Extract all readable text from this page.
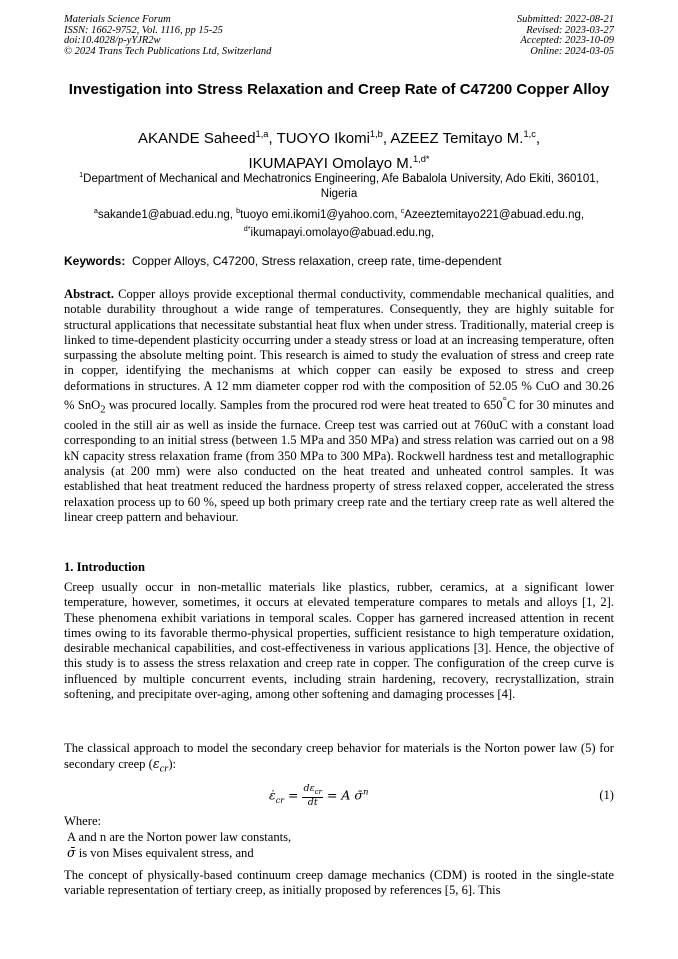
Materials Science Forum
ISSN: 1662-9752, Vol. 1116, pp 15-25
doi:10.4028/p-yYJR2w
© 2024 Trans Tech Publications Ltd, Switzerland
Submitted: 2022-08-21
Revised: 2023-03-27
Accepted: 2023-10-09
Online: 2024-03-05
Investigation into Stress Relaxation and Creep Rate of C47200 Copper Alloy
AKANDE Saheed$^{1,a}$, TUOYO Ikomi$^{1,b}$, AZEEZ Temitayo M.$^{1,c}$,
IKUMAPAYI Omolayo M.$^{1,d*}$
$^1$Department of Mechanical and Mechatronics Engineering, Afe Babalola University, Ado Ekiti, 360101, Nigeria
$^a$sakande1@abuad.edu.ng, $^b$tuoyo emi.ikomi1@yahoo.com, $^c$Azeeztemitayo221@abuad.edu.ng,
$^{d*}$ikumapayi.omolayo@abuad.edu.ng,
Keywords: Copper Alloys, C47200, Stress relaxation, creep rate, time-dependent
Abstract. Copper alloys provide exceptional thermal conductivity, commendable mechanical qualities, and notable durability throughout a wide range of temperatures. Consequently, they are highly suitable for structural applications that necessitate substantial heat flux when under stress. Traditionally, material creep is linked to time-dependent plasticity occurring under a steady stress or load at an increasing temperature, often surpassing the absolute melting point. This research is aimed to study the evaluation of stress and creep rate in copper, identifying the mechanisms at which copper can easily be exposed to stress and creep deformations in structures. A 12 mm diameter copper rod with the composition of 52.05 % CuO and 30.26 % SnO$_2$ was procured locally. Samples from the procured rod were heat treated to 650°C for 30 minutes and cooled in the still air as well as inside the furnace. Creep test was carried out at 760uC with a constant load corresponding to an initial stress (between 1.5 MPa and 350 MPa) and stress relation was carried out on a 98 kN capacity stress relaxation frame (from 350 MPa to 300 MPa). Rockwell hardness test and metallographic analysis (at 200 mm) were also conducted on the heat treated and unheated control samples. It was established that heat treatment reduced the hardness property of stress relaxed copper, accelerated the stress relaxation process up to 60 %, speed up both primary creep rate and the tertiary creep rate as well altered the linear creep pattern and behaviour.
1. Introduction
Creep usually occur in non-metallic materials like plastics, rubber, ceramics, at a significant lower temperature, however, sometimes, it occurs at elevated temperature compares to metals and alloys [1, 2]. These phenomena exhibit variations in temporal scales. Copper has garnered increased attention in recent times owing to its favorable thermo-physical properties, sufficient resistance to high temperature oxidation, desirable mechanical capabilities, and cost-effectiveness in various applications [3]. Hence, the objective of this study is to assess the stress relaxation and creep rate in copper. The configuration of the creep curve is influenced by multiple concurrent events, including strain hardening, recovery, recrystallization, strain softening, and precipitate over-aging, among other softening and damaging processes [4].
The classical approach to model the secondary creep behavior for materials is the Norton power law (5) for secondary creep $(\varepsilon_{cr})$:
$\varepsilon_{cr} = \frac{d\varepsilon_{cr}}{dt} = A$ σ̄$^n$	(1)
Where:
A and n are the Norton power law constants,
σ̄ is von Mises equivalent stress, and
The concept of physically-based continuum creep damage mechanics (CDM) is rooted in the single-state variable representation of tertiary creep, as initially proposed by references [5, 6]. This
